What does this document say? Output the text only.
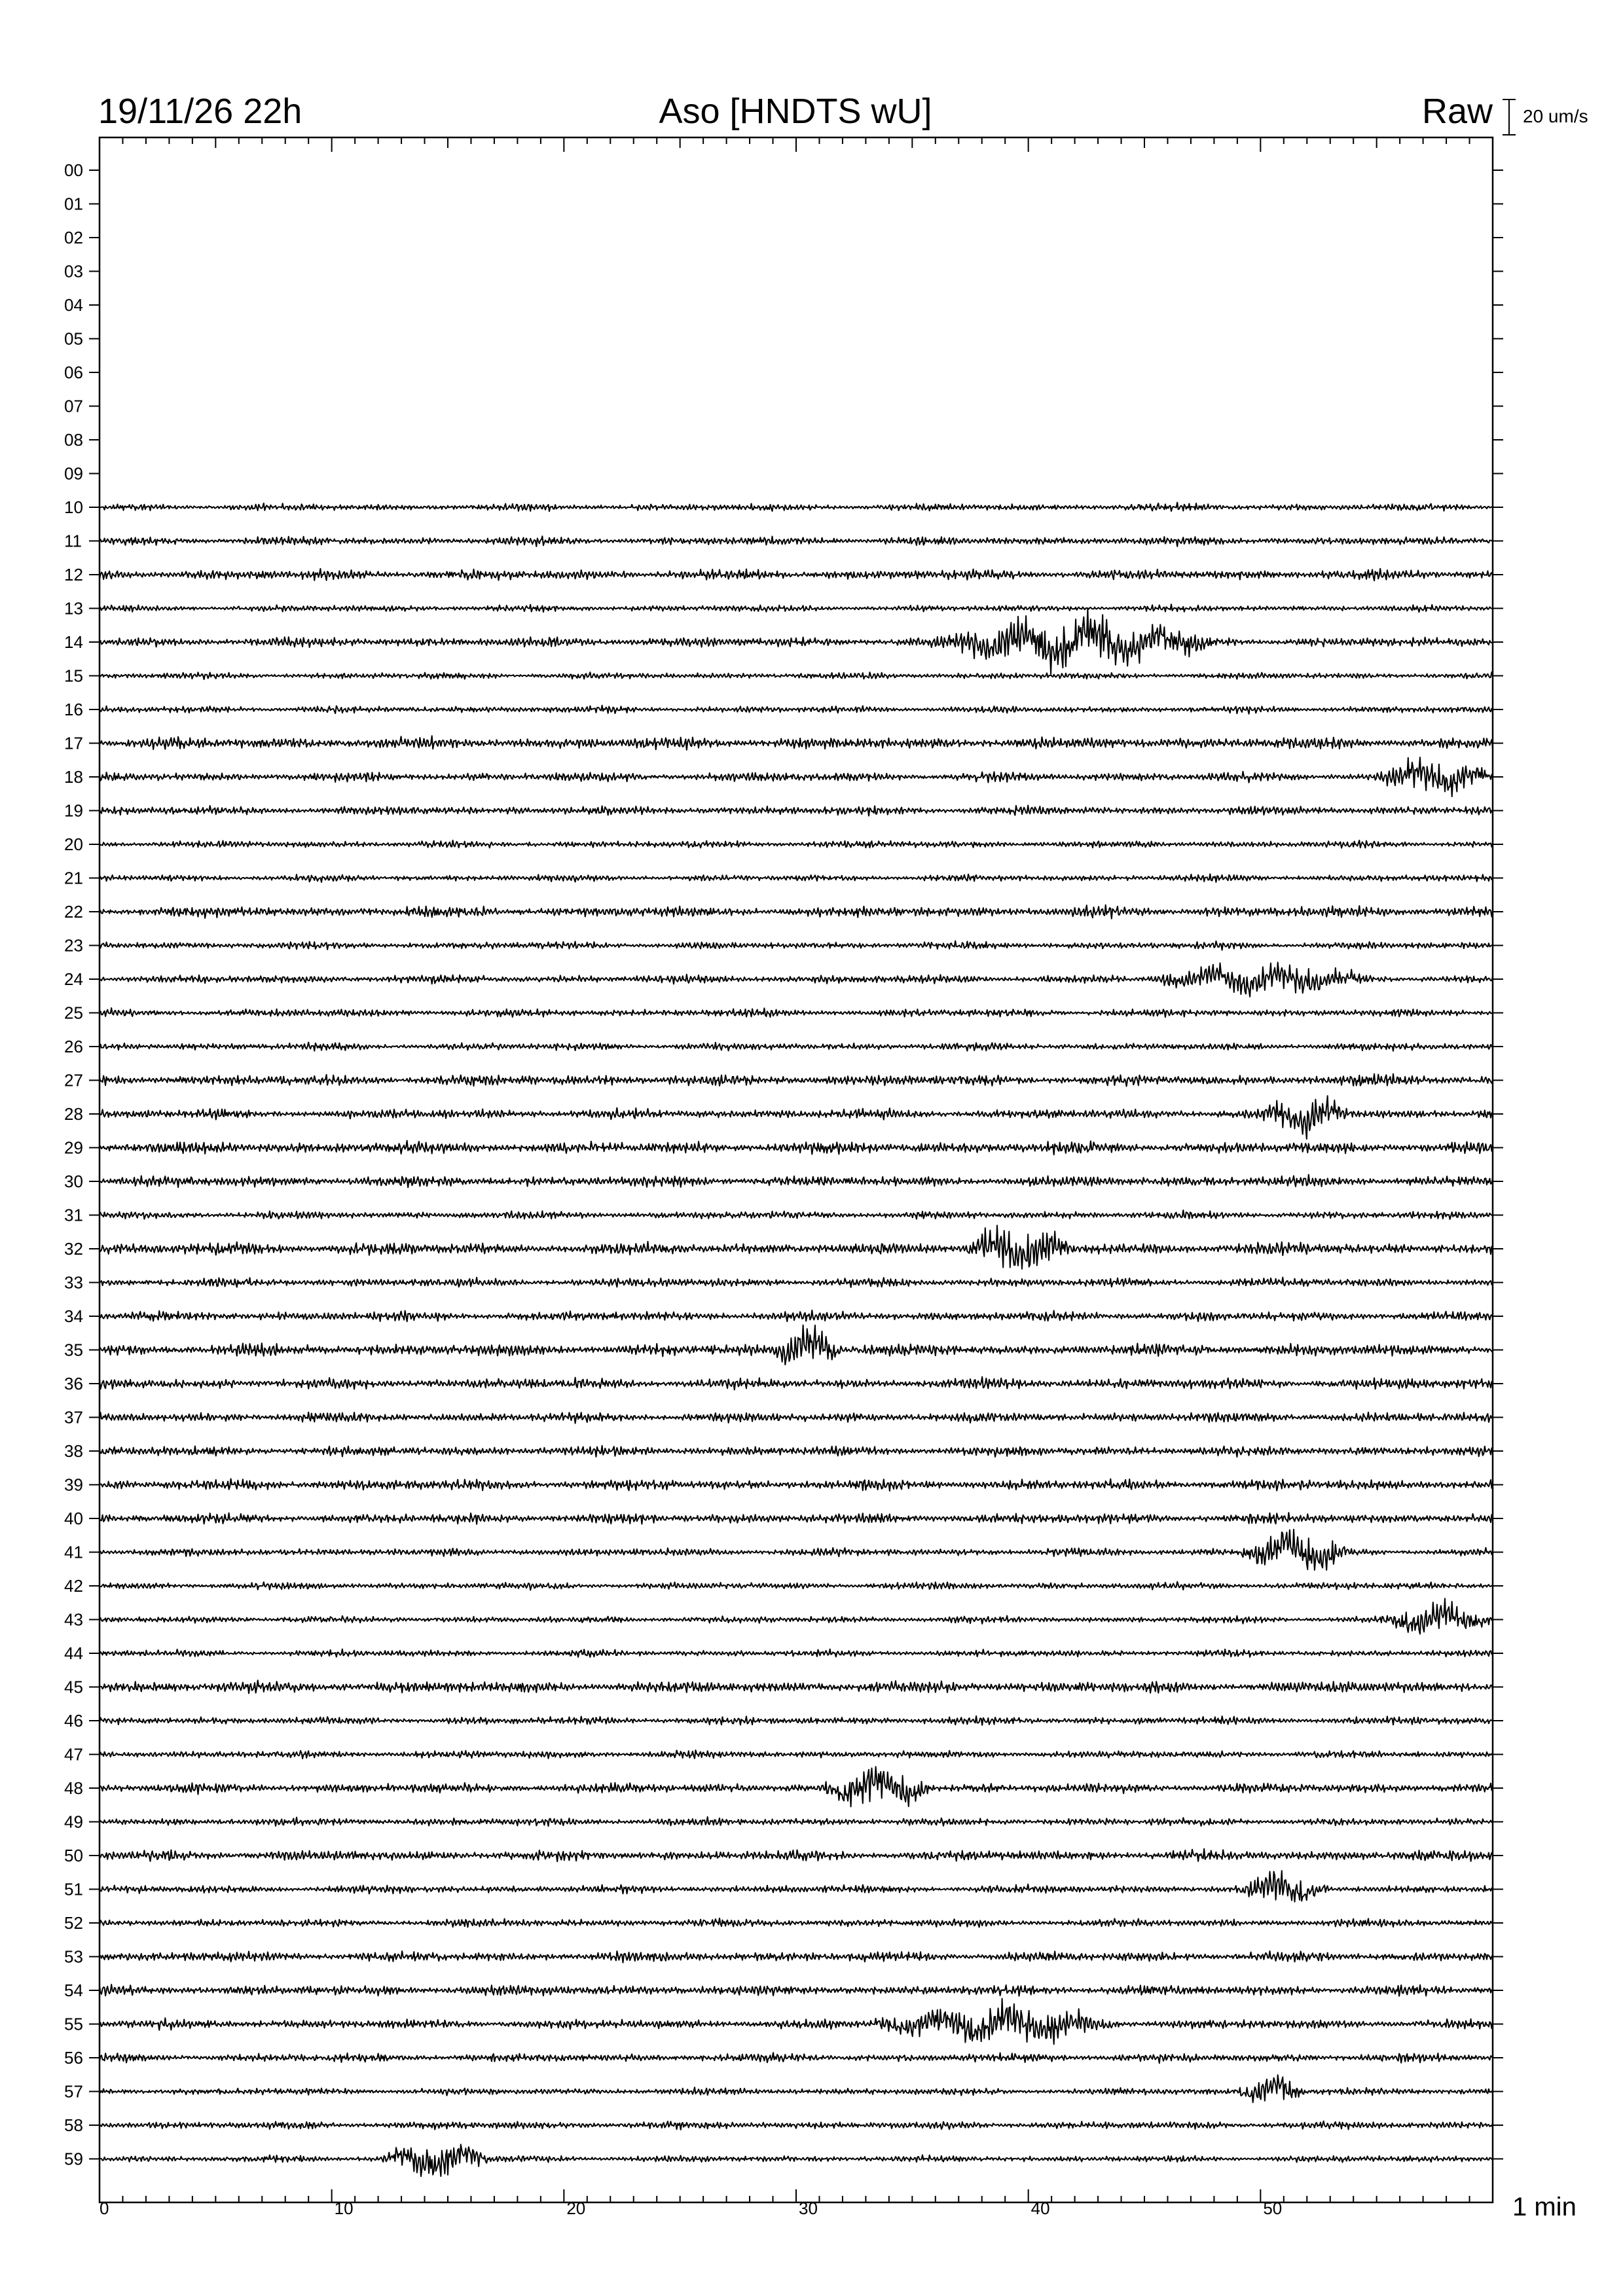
19/11/26 22h	Aso [HNDTS wU]	Raw 20 um/s
00
01
02
03
04
05
06
07
08
09
10
11
12
13
14
15
16
17
18
19
20
21
22
23
24
25
26
27
28
29
30
31
32
33
34
35
36
37
38
39
40
41
42
43
44
45
46
47
48
49
50
51
52
53
54
55
56
57
58
59
0	10	20	30	40	50	1 min
